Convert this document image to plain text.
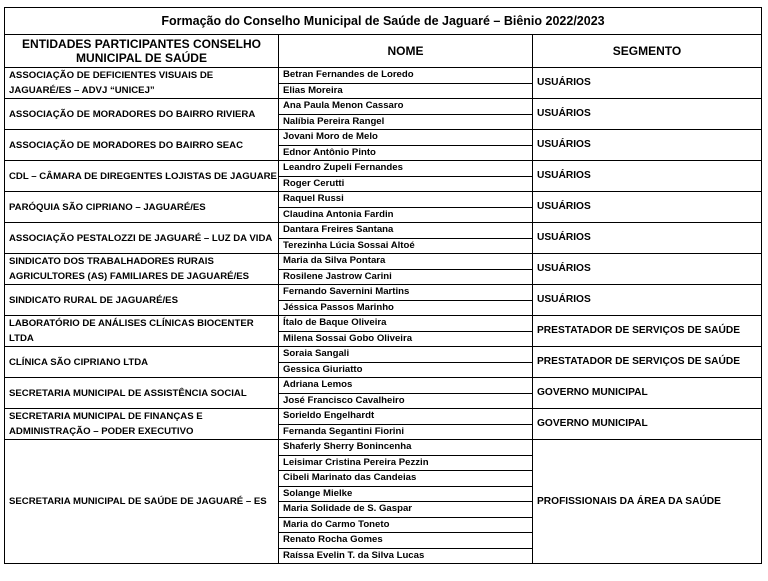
Formação do Conselho Municipal de Saúde de Jaguaré – Biênio 2022/2023		
ENTIDADES PARTICIPANTES CONSELHO MUNICIPAL DE SAÚDE	NOME	SEGMENTO
ASSOCIAÇÃO DE DEFICIENTES VISUAIS DE JAGUARÉ/ES – ADVJ “UNICEJ”	Betran Fernandes de Loredo	USUÁRIOS
	Elias Moreira	
ASSOCIAÇÃO DE MORADORES DO BAIRRO RIVIERA	Ana Paula Menon Cassaro	USUÁRIOS
	Nalíbia Pereira Rangel	
ASSOCIAÇÃO DE MORADORES DO BAIRRO SEAC	Jovani Moro de Melo	USUÁRIOS
	Ednor Antônio Pinto	
CDL – CÂMARA DE DIREGENTES LOJISTAS DE JAGUARE	Leandro Zupeli Fernandes	USUÁRIOS
	Roger Cerutti	
PARÓQUIA SÃO CIPRIANO – JAGUARÉ/ES	Raquel Russi	USUÁRIOS
	Claudina Antonia Fardin	
ASSOCIAÇÃO PESTALOZZI DE JAGUARÉ – LUZ DA VIDA	Dantara Freires Santana	USUÁRIOS
	Terezinha Lúcia Sossai Altoé	
SINDICATO DOS TRABALHADORES RURAIS AGRICULTORES (AS) FAMILIARES DE JAGUARÉ/ES	Maria da Silva Pontara	USUÁRIOS
	Rosilene Jastrow Carini	
SINDICATO RURAL DE JAGUARÉ/ES	Fernando Savernini Martins	USUÁRIOS
	Jéssica Passos Marinho	
LABORATÓRIO DE ANÁLISES CLÍNICAS BIOCENTER LTDA	Ítalo de Baque Oliveira	PRESTATADOR DE SERVIÇOS DE SAÚDE
	Milena Sossai Gobo Oliveira	
CLÍNICA SÃO CIPRIANO LTDA	Soraia Sangali	PRESTATADOR DE SERVIÇOS DE SAÚDE
	Gessica Giuriatto	
SECRETARIA MUNICIPAL DE ASSISTÊNCIA SOCIAL	Adriana Lemos	GOVERNO MUNICIPAL
	José Francisco Cavalheiro	
SECRETARIA MUNICIPAL DE FINANÇAS E ADMINISTRAÇÃO – PODER EXECUTIVO	Sorieldo Engelhardt	GOVERNO MUNICIPAL
	Fernanda Segantini Fiorini	
SECRETARIA MUNICIPAL DE SAÚDE DE JAGUARÉ – ES	Shaferly Sherry Bonincenha	PROFISSIONAIS DA ÁREA DA SAÚDE
	Leisimar Cristina Pereira Pezzin	
	Cibeli Marinato das Candeias	
	Solange Mielke	
	Maria Solidade de S. Gaspar	
	Maria do Carmo Toneto	
	Renato Rocha Gomes	
	Raíssa Evelin T. da Silva Lucas	
